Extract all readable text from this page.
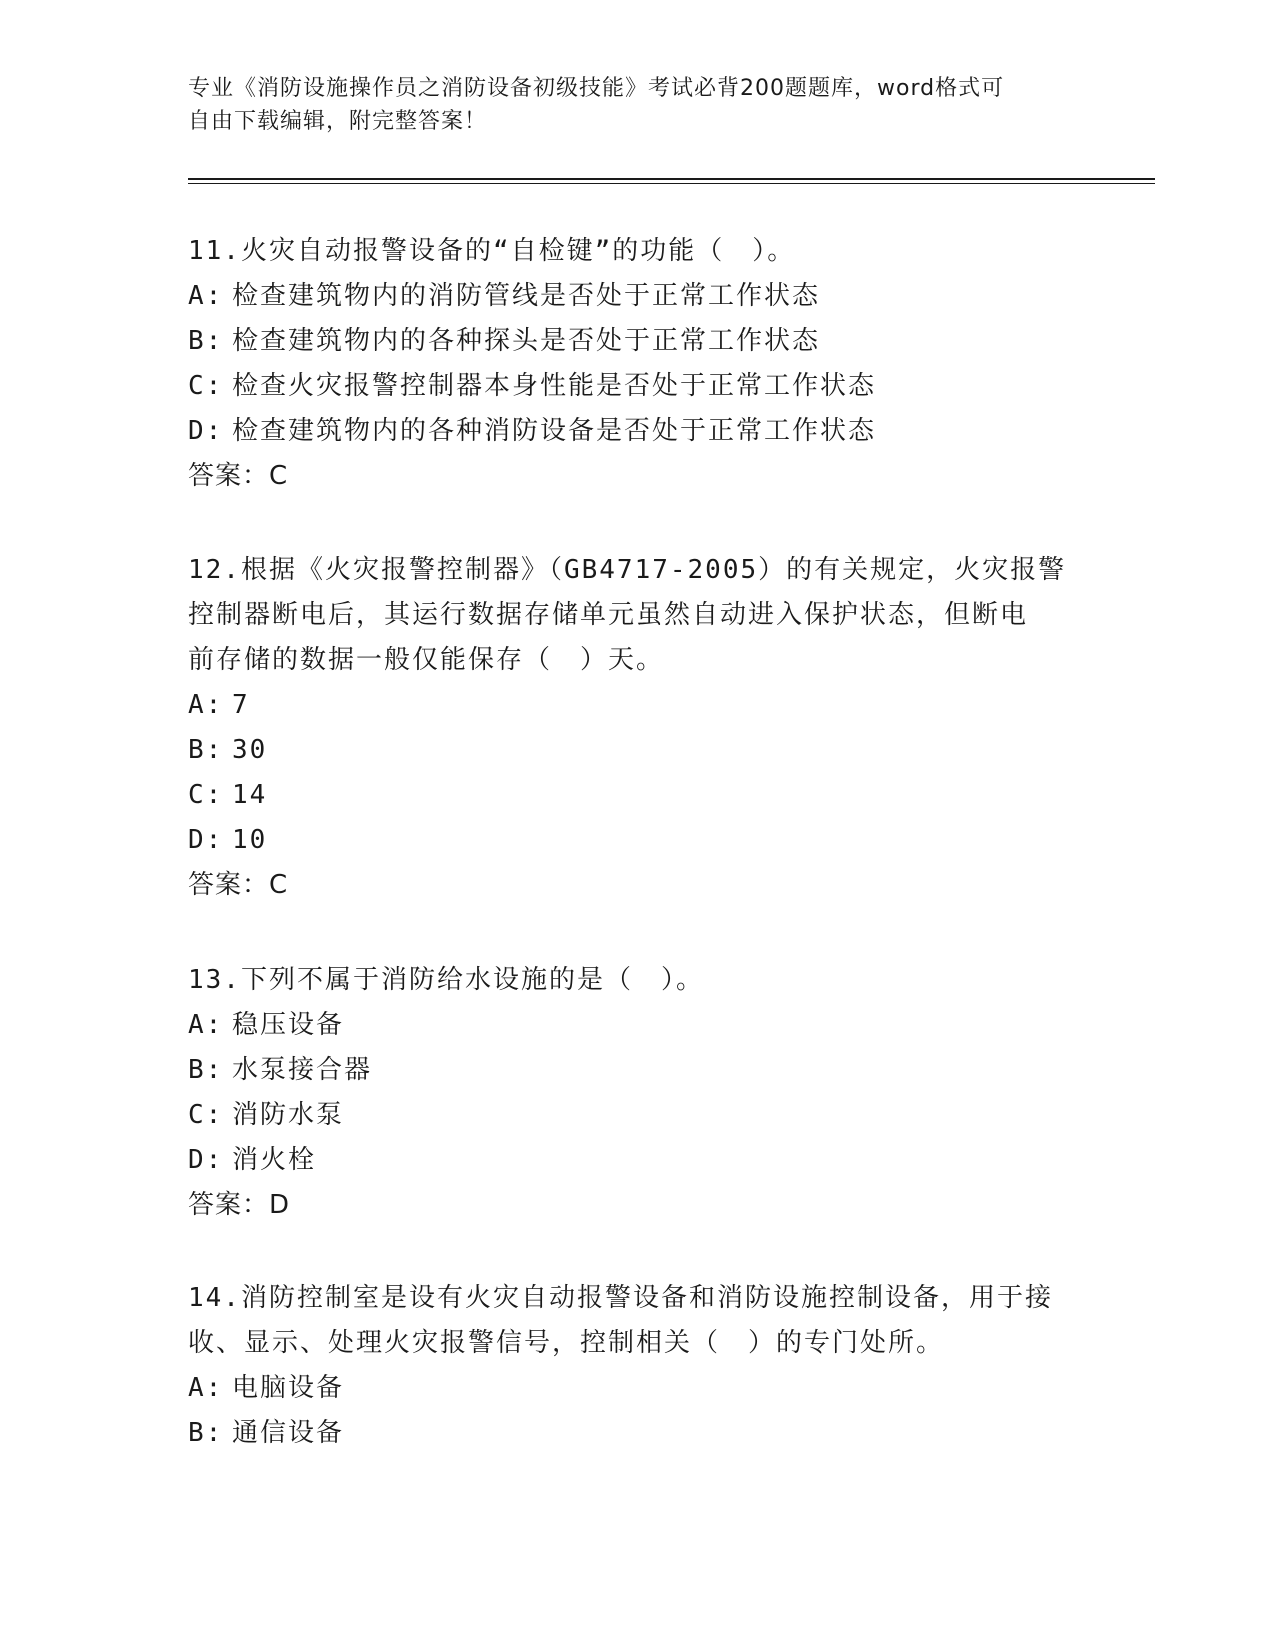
专业《消防设施操作员之消防设备初级技能》考试必背200题题库，word格式可
自由下载编辑，附完整答案！

11.火灾自动报警设备的“自检键”的功能（　）。

A: 检查建筑物内的消防管线是否处于正常工作状态

B: 检查建筑物内的各种探头是否处于正常工作状态

C: 检查火灾报警控制器本身性能是否处于正常工作状态

D: 检查建筑物内的各种消防设备是否处于正常工作状态

答案：C

12.根据《火灾报警控制器》（GB4717-2005）的有关规定，火灾报警

控制器断电后，其运行数据存储单元虽然自动进入保护状态，但断电

前存储的数据一般仅能保存（　）天。

A: 7

B: 30

C: 14

D: 10

答案：C

13.下列不属于消防给水设施的是（　）。

A: 稳压设备

B: 水泵接合器

C: 消防水泵

D: 消火栓

答案：D

14.消防控制室是设有火灾自动报警设备和消防设施控制设备，用于接

收、显示、处理火灾报警信号，控制相关（　）的专门处所。

A: 电脑设备

B: 通信设备
